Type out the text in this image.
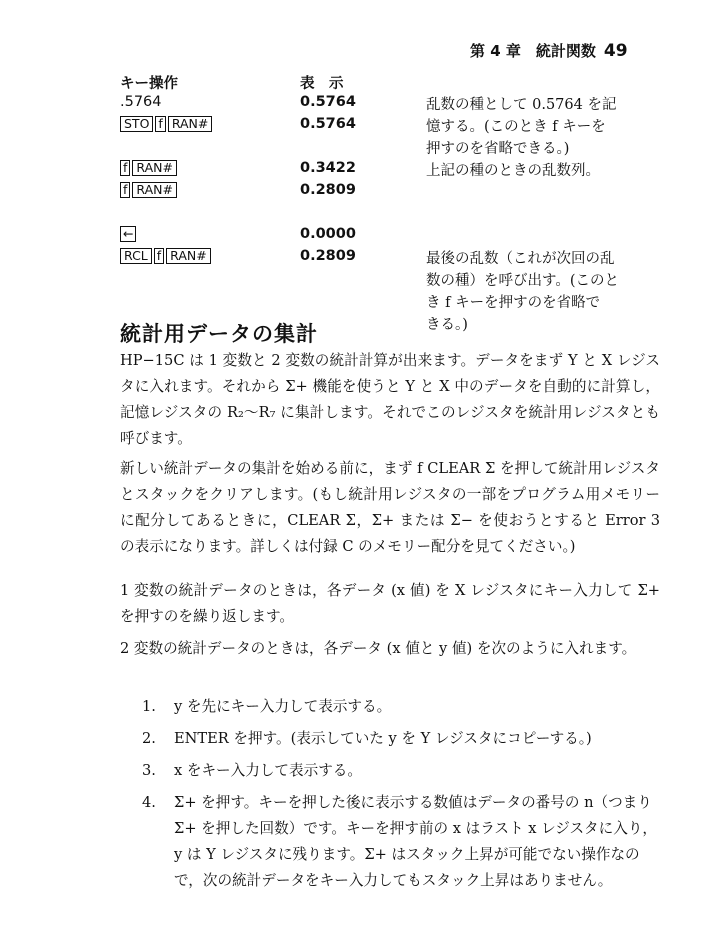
第 4 章　統計関数 49
キー操作	表　示
.5764	0.5764	乱数の種として 0.5764 を記
STO f RAN#	0.5764	憶する。(このとき f キーを
押すのを省略できる。)
f RAN#	0.3422	上記の種のときの乱数列。
f RAN#	0.2809
←	0.0000
RCL f RAN#	0.2809	最後の乱数（これが次回の乱
数の種）を呼び出す。(このと
き f キーを押すのを省略で
きる。)
統計用データの集計
HP−15C は 1 変数と 2 変数の統計計算が出来ます。データをまず Y と X レジスタに入れます。それから Σ+ 機能を使うと Y と X 中のデータを自動的に計算し，記憶レジスタの R₂～R₇ に集計します。それでこのレジスタを統計用レジスタとも呼びます。
新しい統計データの集計を始める前に，まず f CLEAR Σ を押して統計用レジスタとスタックをクリアします。(もし統計用レジスタの一部をプログラム用メモリーに配分してあるときに，CLEAR Σ，Σ+ または Σ− を使おうとすると Error 3 の表示になります。詳しくは付録 C のメモリー配分を見てください。)
1 変数の統計データのときは，各データ (x 値) を X レジスタにキー入力して Σ+ を押すのを繰り返します。
2 変数の統計データのときは，各データ (x 値と y 値) を次のように入れます。
1.	y を先にキー入力して表示する。
2.	ENTER を押す。(表示していた y を Y レジスタにコピーする。)
3.	x をキー入力して表示する。
4.	Σ+ を押す。キーを押した後に表示する数値はデータの番号の n（つまり Σ+ を押した回数）です。キーを押す前の x はラスト x レジスタに入り，y は Y レジスタに残ります。Σ+ はスタック上昇が可能でない操作なので，次の統計データをキー入力してもスタック上昇はありません。
